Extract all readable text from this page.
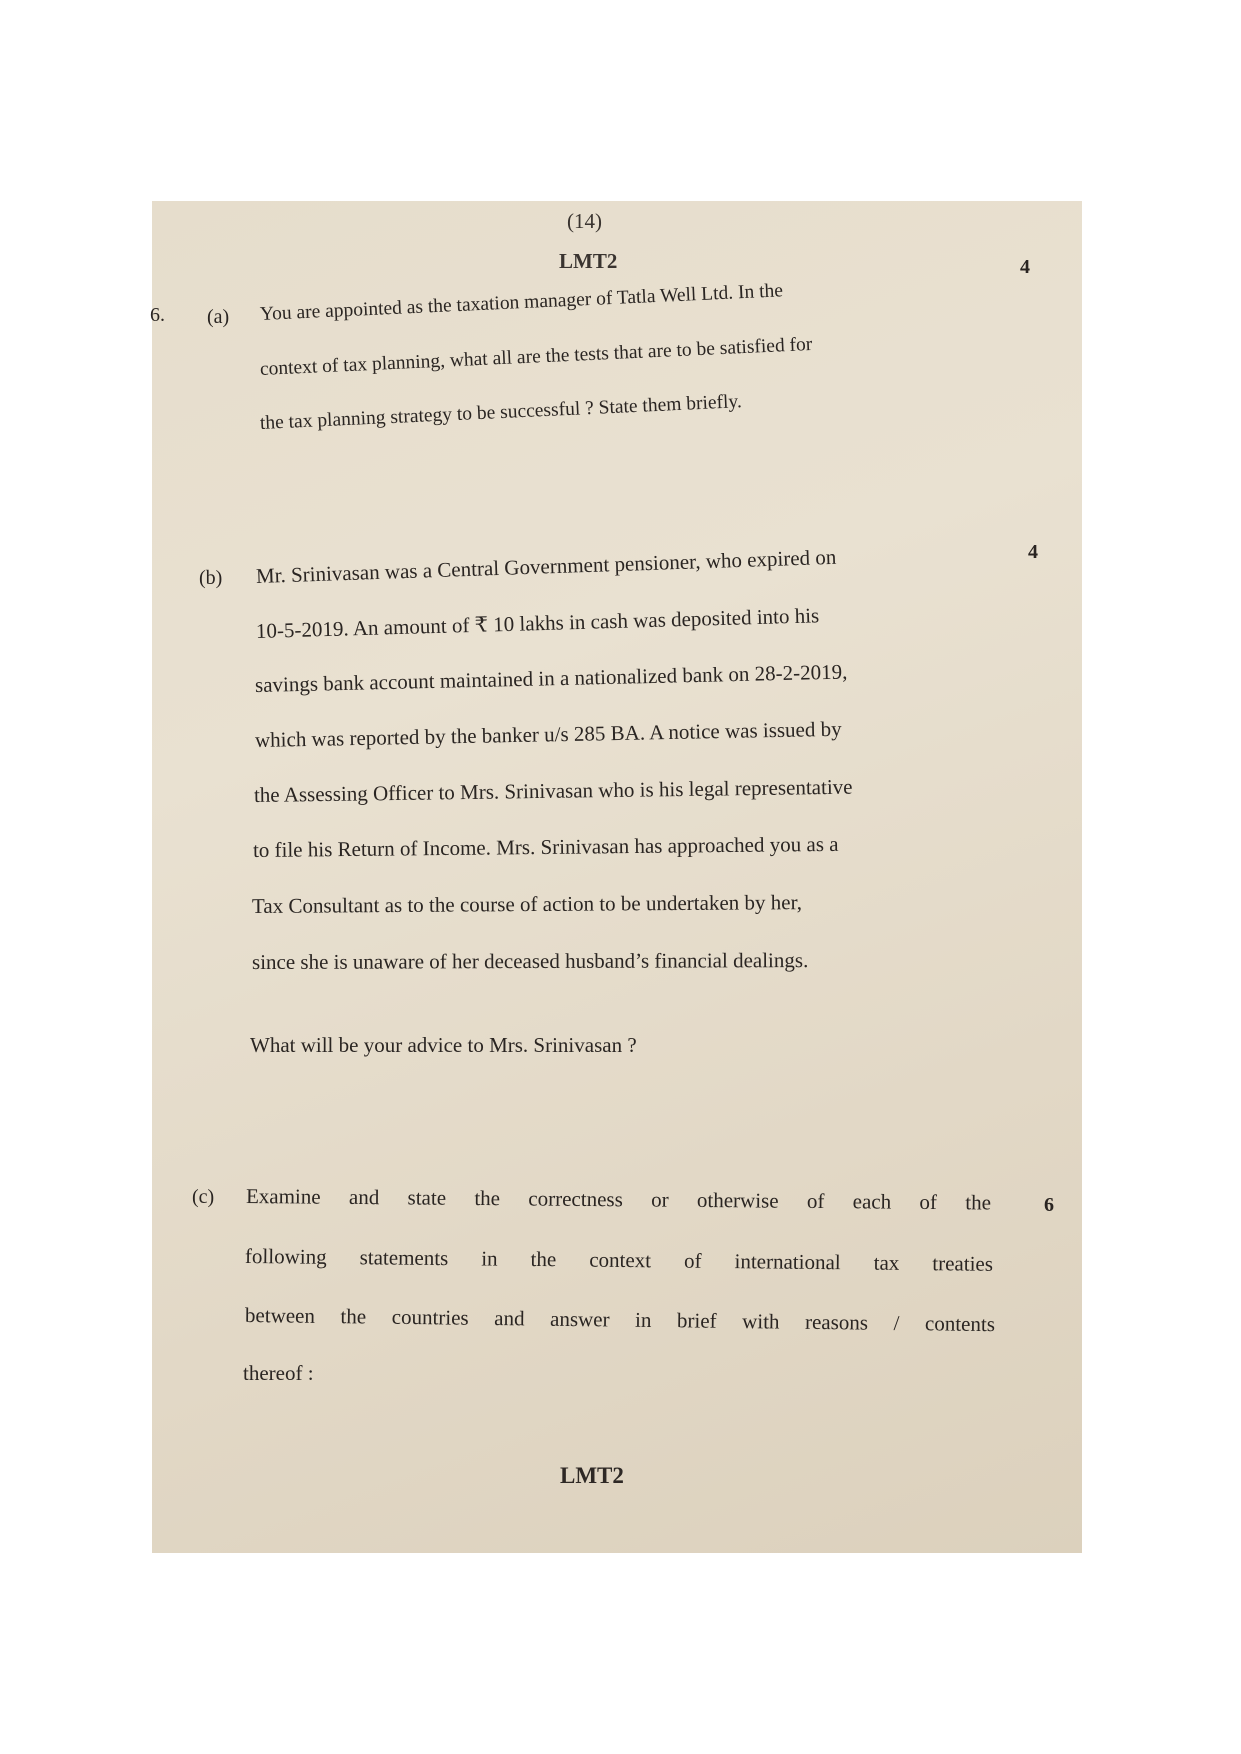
(14)
LMT2
6. (a)
4
You are appointed as the taxation manager of Tatla Well Ltd. In the
context of tax planning, what all are the tests that are to be satisfied for
the tax planning strategy to be successful ? State them briefly.
(b)
4
Mr. Srinivasan was a Central Government pensioner, who expired on
10-5-2019. An amount of ₹ 10 lakhs in cash was deposited into his
savings bank account maintained in a nationalized bank on 28-2-2019,
which was reported by the banker u/s 285 BA. A notice was issued by
the Assessing Officer to Mrs. Srinivasan who is his legal representative
to file his Return of Income. Mrs. Srinivasan has approached you as a
Tax Consultant as to the course of action to be undertaken by her,
since she is unaware of her deceased husband’s financial dealings.
What will be your advice to Mrs. Srinivasan ?
(c)	6
Examine and state the correctness or otherwise of each of the
following statements in the context of international tax treaties
between the countries and answer in brief with reasons / contents
thereof :
LMT2
